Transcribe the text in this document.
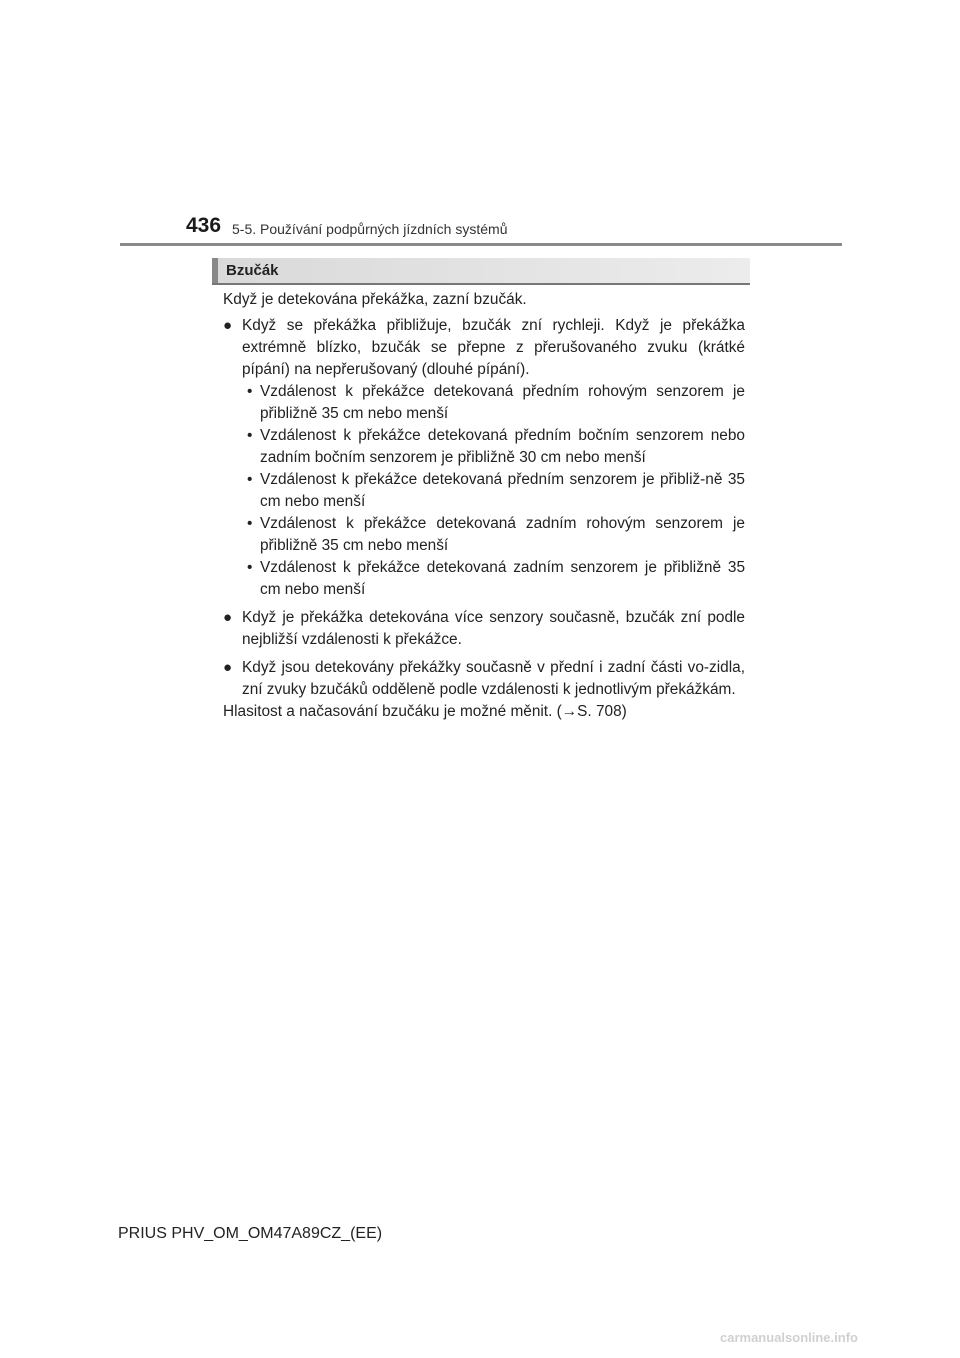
436 5-5. Používání podpůrných jízdních systémů
Bzučák

Když je detekována překážka, zazní bzučák.

● Když se překážka přibližuje, bzučák zní rychleji. Když je překážka extrémně blízko, bzučák se přepne z přerušovaného zvuku (krátké pípání) na nepřerušovaný (dlouhé pípání).

• Vzdálenost k překážce detekovaná předním rohovým senzorem je přibližně 35 cm nebo menší
• Vzdálenost k překážce detekovaná předním bočním senzorem nebo zadním bočním senzorem je přibližně 30 cm nebo menší
• Vzdálenost k překážce detekovaná předním senzorem je přibliž-ně 35 cm nebo menší
• Vzdálenost k překážce detekovaná zadním rohovým senzorem je přibližně 35 cm nebo menší
• Vzdálenost k překážce detekovaná zadním senzorem je přibližně 35 cm nebo menší
● Když je překážka detekována více senzory současně, bzučák zní podle nejbližší vzdálenosti k překážce.

● Když jsou detekovány překážky současně v přední i zadní části vo-zidla, zní zvuky bzučáků odděleně podle vzdálenosti k jednotlivým překážkám.

Hlasitost a načasování bzučáku je možné měnit. (→S. 708)

PRIUS PHV_OM_OM47A89CZ_(EE)
carmanualsonline.info
